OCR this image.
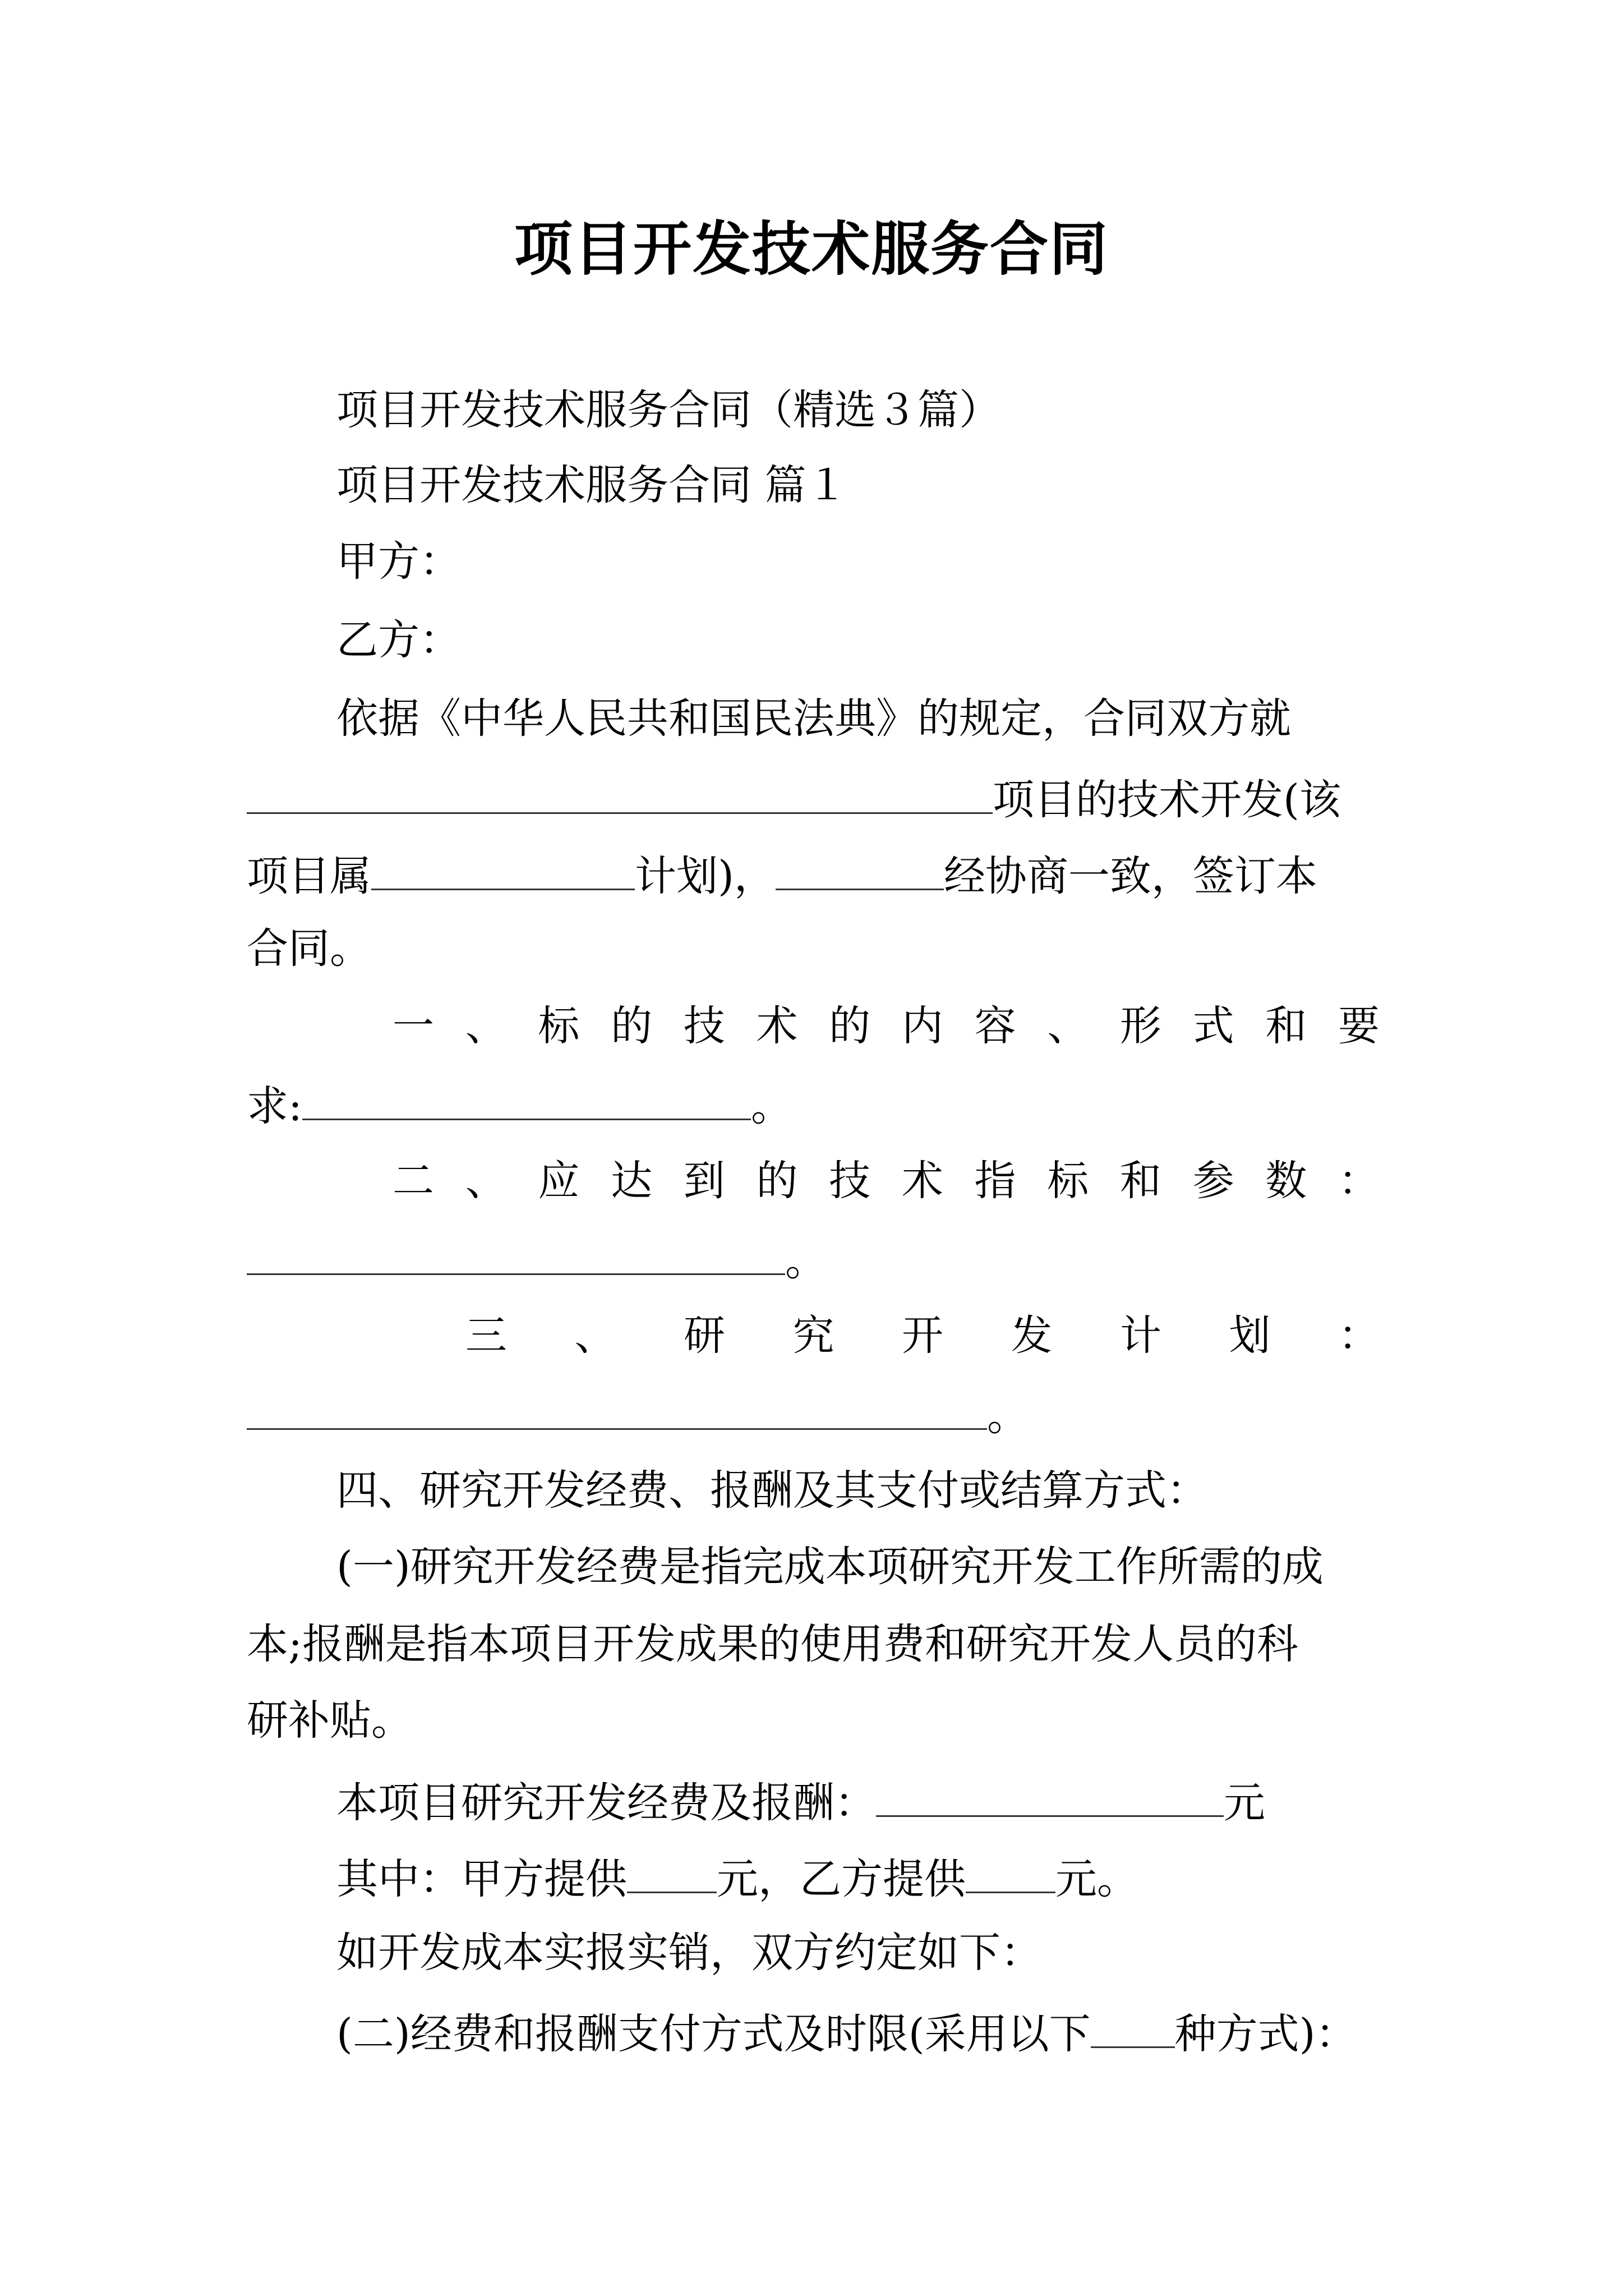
项目开发技术服务合同
项目开发技术服务合同（精选３篇）
项目开发技术服务合同 篇１
甲方：
乙方：
依据《中华人民共和国民法典》的规定，合同双方就
项目的技术开发(该
项目属	计划)，	经协商一致，签订本
合同。
一 、 标 的 技 术 的 内 容 、 形 式 和 要
求:	。
二 、 应 达 到 的 技 术 指 标 和 参 数 ：
。
三 、 研 究 开 发 计 划 ：
。
四、研究开发经费、报酬及其支付或结算方式：
(一)研究开发经费是指完成本项研究开发工作所需的成
本;报酬是指本项目开发成果的使用费和研究开发人员的科
研补贴。
本项目研究开发经费及报酬：	元
其中：甲方提供 元，乙方提供 元。
如开发成本实报实销，双方约定如下：
(二)经费和报酬支付方式及时限(采用以下 种方式)：
